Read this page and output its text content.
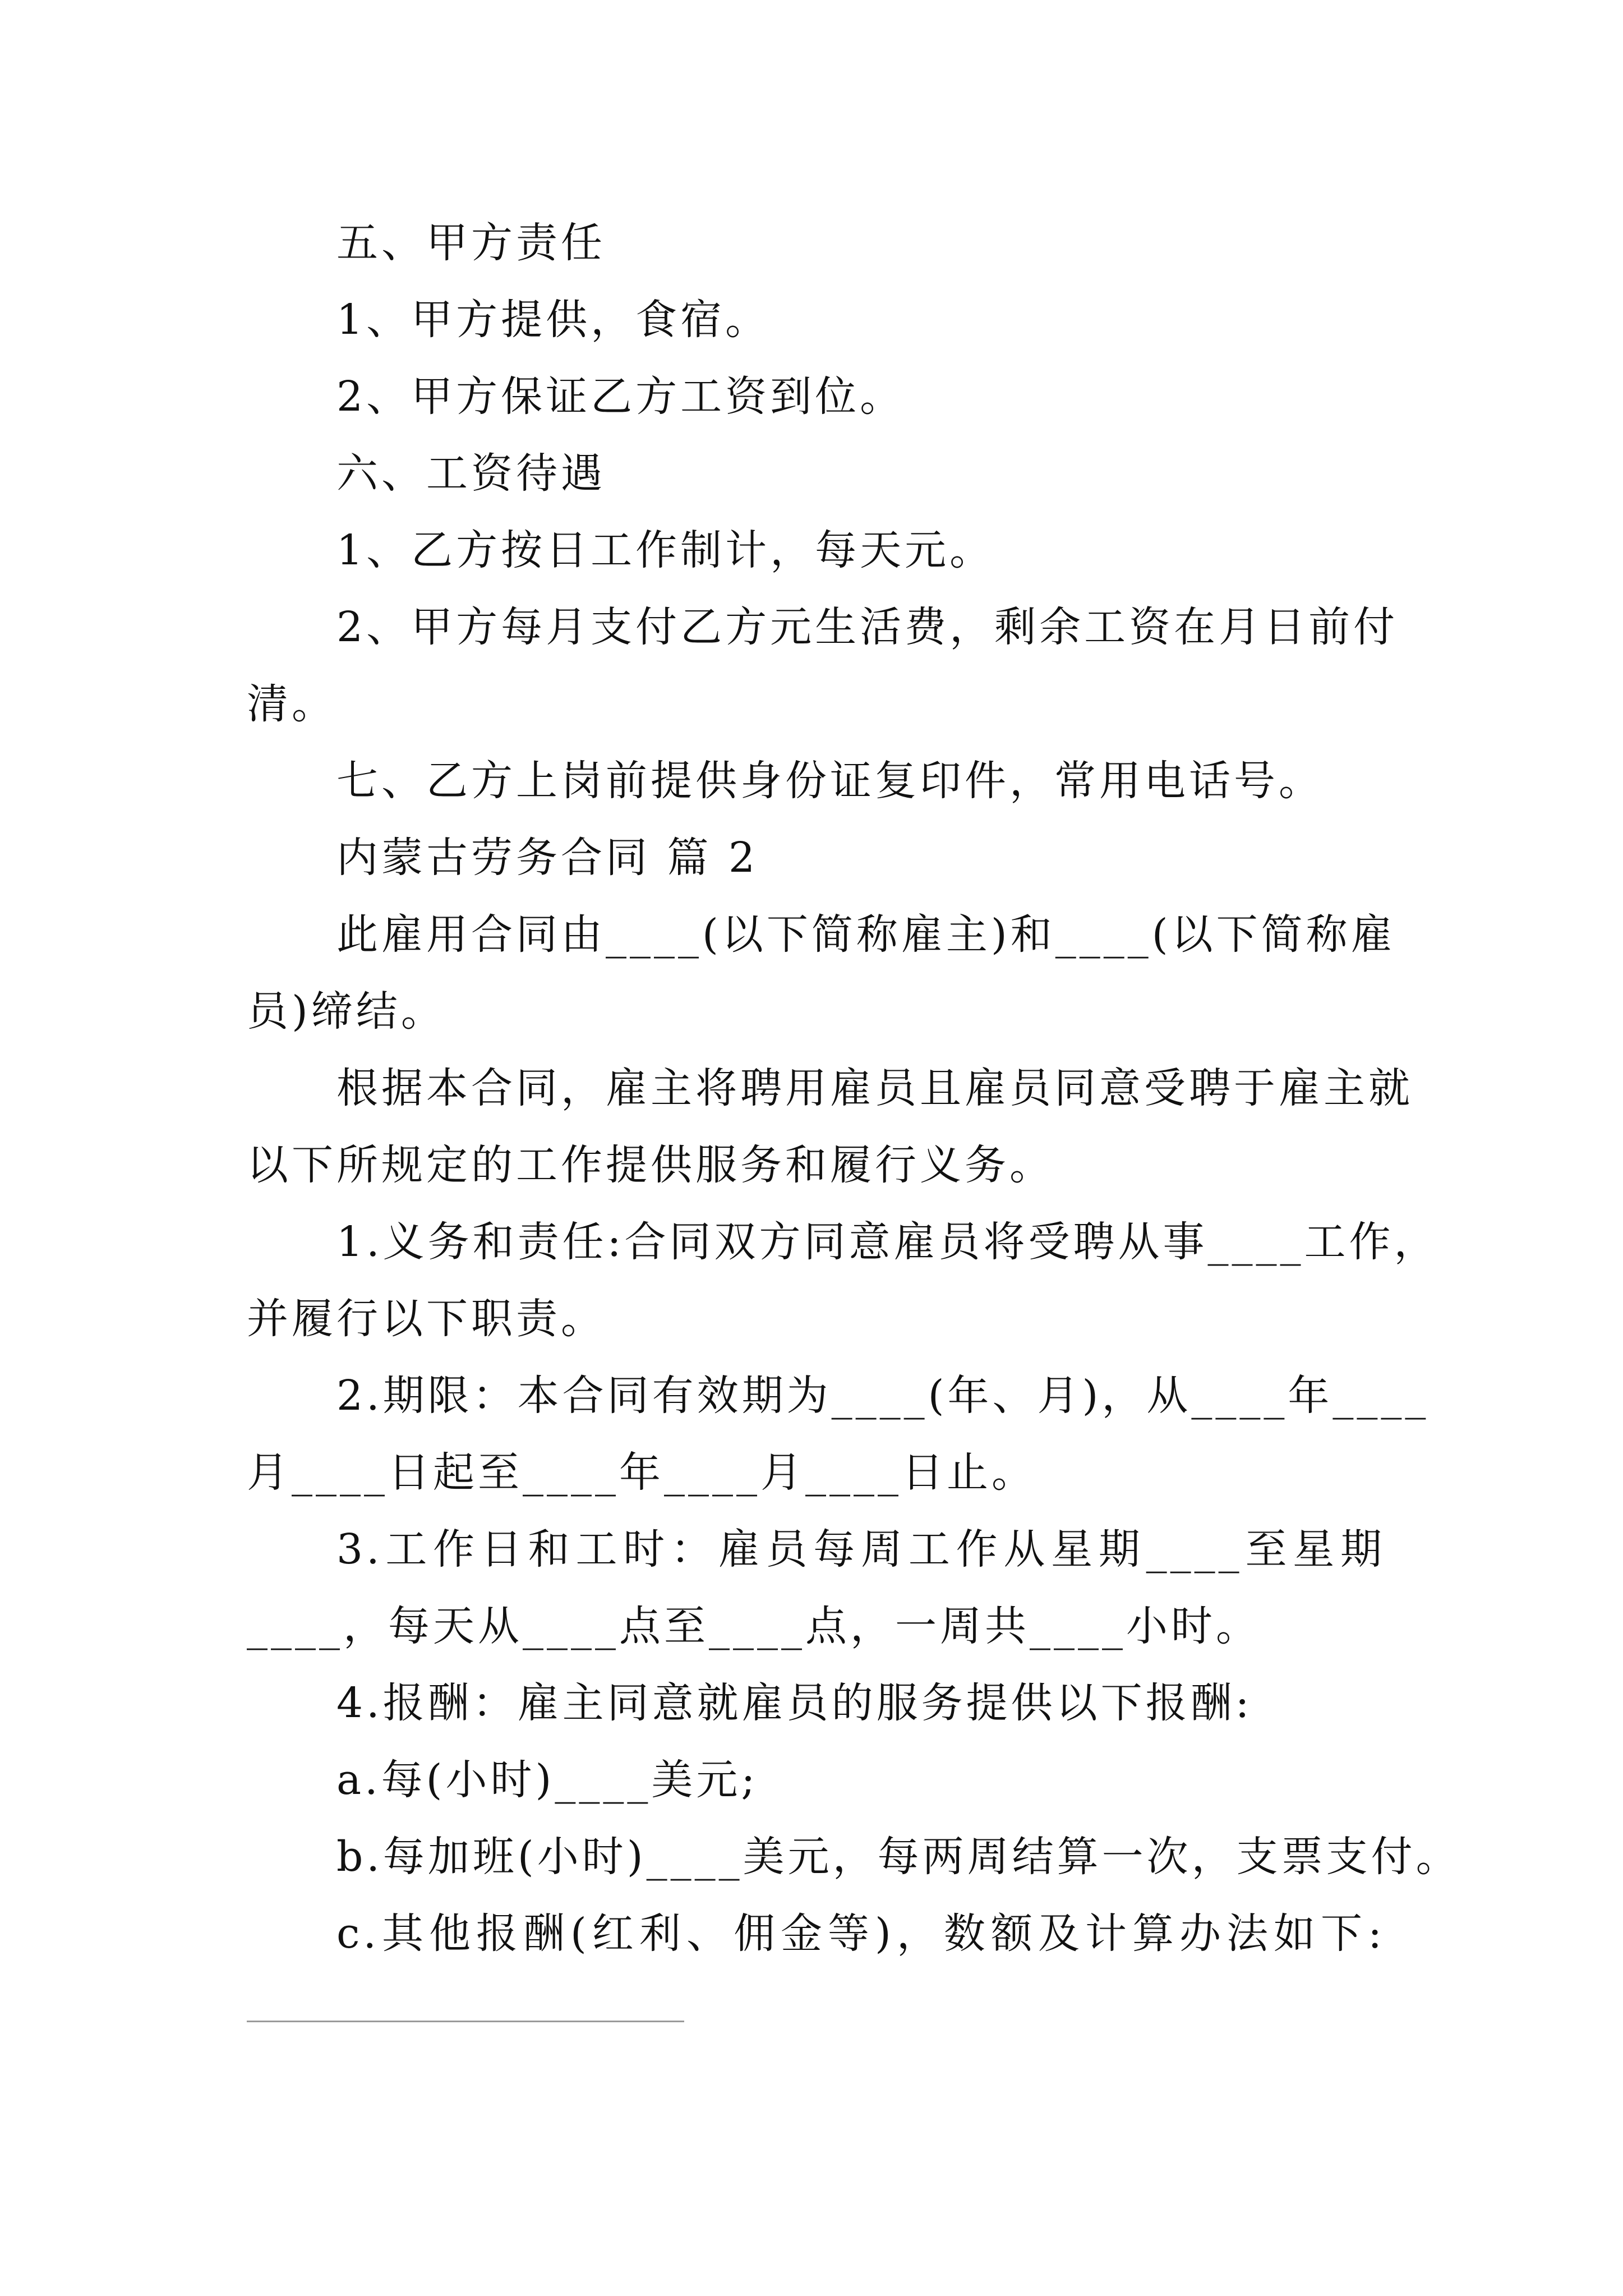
五、甲方责任
1、甲方提供，食宿。
2、甲方保证乙方工资到位。
六、工资待遇
1、乙方按日工作制计，每天元。
2、甲方每月支付乙方元生活费，剩余工资在月日前付
清。
七、乙方上岗前提供身份证复印件，常用电话号。
内蒙古劳务合同 篇 2
此雇用合同由____(以下简称雇主)和____(以下简称雇
员)缔结。
根据本合同，雇主将聘用雇员且雇员同意受聘于雇主就
以下所规定的工作提供服务和履行义务。
1.义务和责任:合同双方同意雇员将受聘从事____工作，
并履行以下职责。
2.期限：本合同有效期为____(年、月)，从____年____
月____日起至____年____月____日止。
3.工作日和工时：雇员每周工作从星期____至星期
____，每天从____点至____点，一周共____小时。
4.报酬：雇主同意就雇员的服务提供以下报酬:
a.每(小时)____美元;
b.每加班(小时)____美元，每两周结算一次，支票支付。
c.其他报酬(红利、佣金等)，数额及计算办法如下:
